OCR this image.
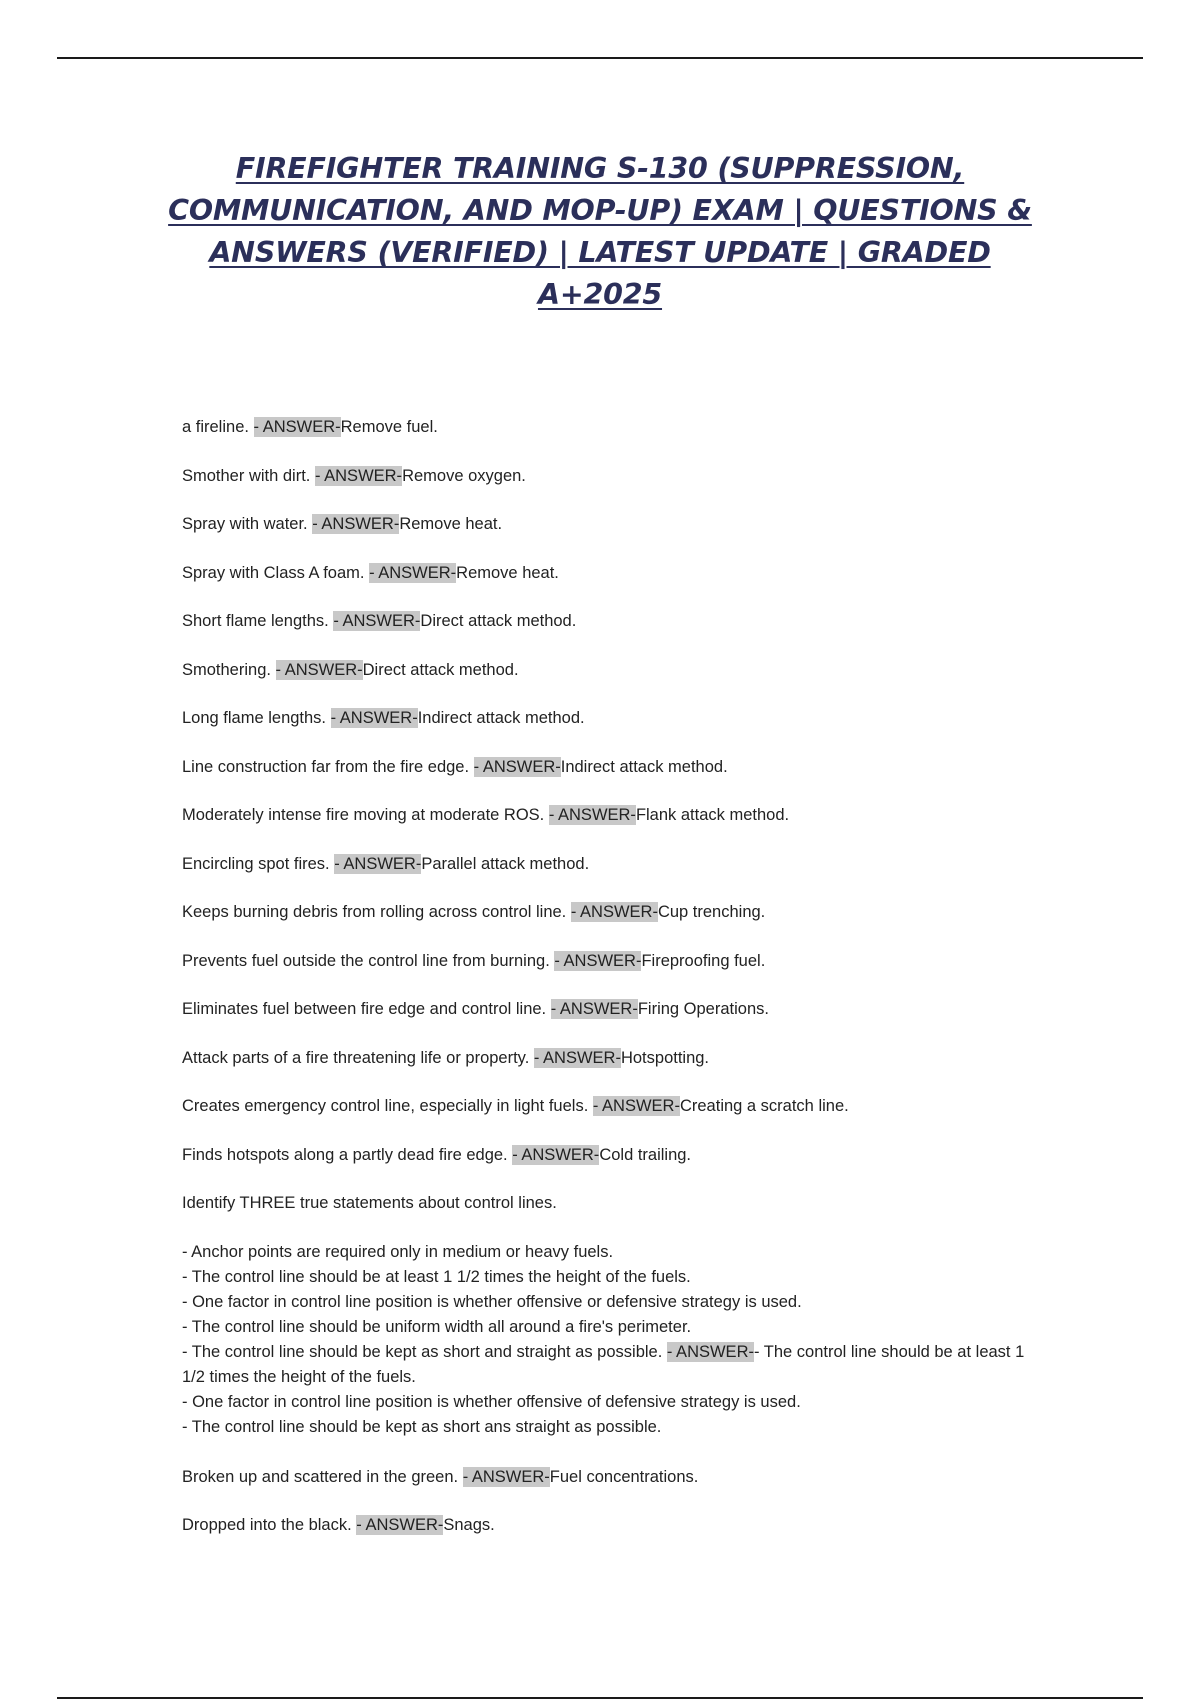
FIREFIGHTER TRAINING S-130 (SUPPRESSION, COMMUNICATION, AND MOP-UP) EXAM | QUESTIONS & ANSWERS (VERIFIED) | LATEST UPDATE | GRADED A+2025
a fireline. - ANSWER-Remove fuel.
Smother with dirt. - ANSWER-Remove oxygen.
Spray with water. - ANSWER-Remove heat.
Spray with Class A foam. - ANSWER-Remove heat.
Short flame lengths. - ANSWER-Direct attack method.
Smothering. - ANSWER-Direct attack method.
Long flame lengths. - ANSWER-Indirect attack method.
Line construction far from the fire edge. - ANSWER-Indirect attack method.
Moderately intense fire moving at moderate ROS. - ANSWER-Flank attack method.
Encircling spot fires. - ANSWER-Parallel attack method.
Keeps burning debris from rolling across control line. - ANSWER-Cup trenching.
Prevents fuel outside the control line from burning. - ANSWER-Fireproofing fuel.
Eliminates fuel between fire edge and control line. - ANSWER-Firing Operations.
Attack parts of a fire threatening life or property. - ANSWER-Hotspotting.
Creates emergency control line, especially in light fuels. - ANSWER-Creating a scratch line.
Finds hotspots along a partly dead fire edge. - ANSWER-Cold trailing.
Identify THREE true statements about control lines.
- Anchor points are required only in medium or heavy fuels.
- The control line should be at least 1 1/2 times the height of the fuels.
- One factor in control line position is whether offensive or defensive strategy is used.
- The control line should be uniform width all around a fire's perimeter.
- The control line should be kept as short and straight as possible. - ANSWER-- The control line should be at least 1 1/2 times the height of the fuels.
- One factor in control line position is whether offensive of defensive strategy is used.
- The control line should be kept as short ans straight as possible.
Broken up and scattered in the green. - ANSWER-Fuel concentrations.
Dropped into the black. - ANSWER-Snags.
